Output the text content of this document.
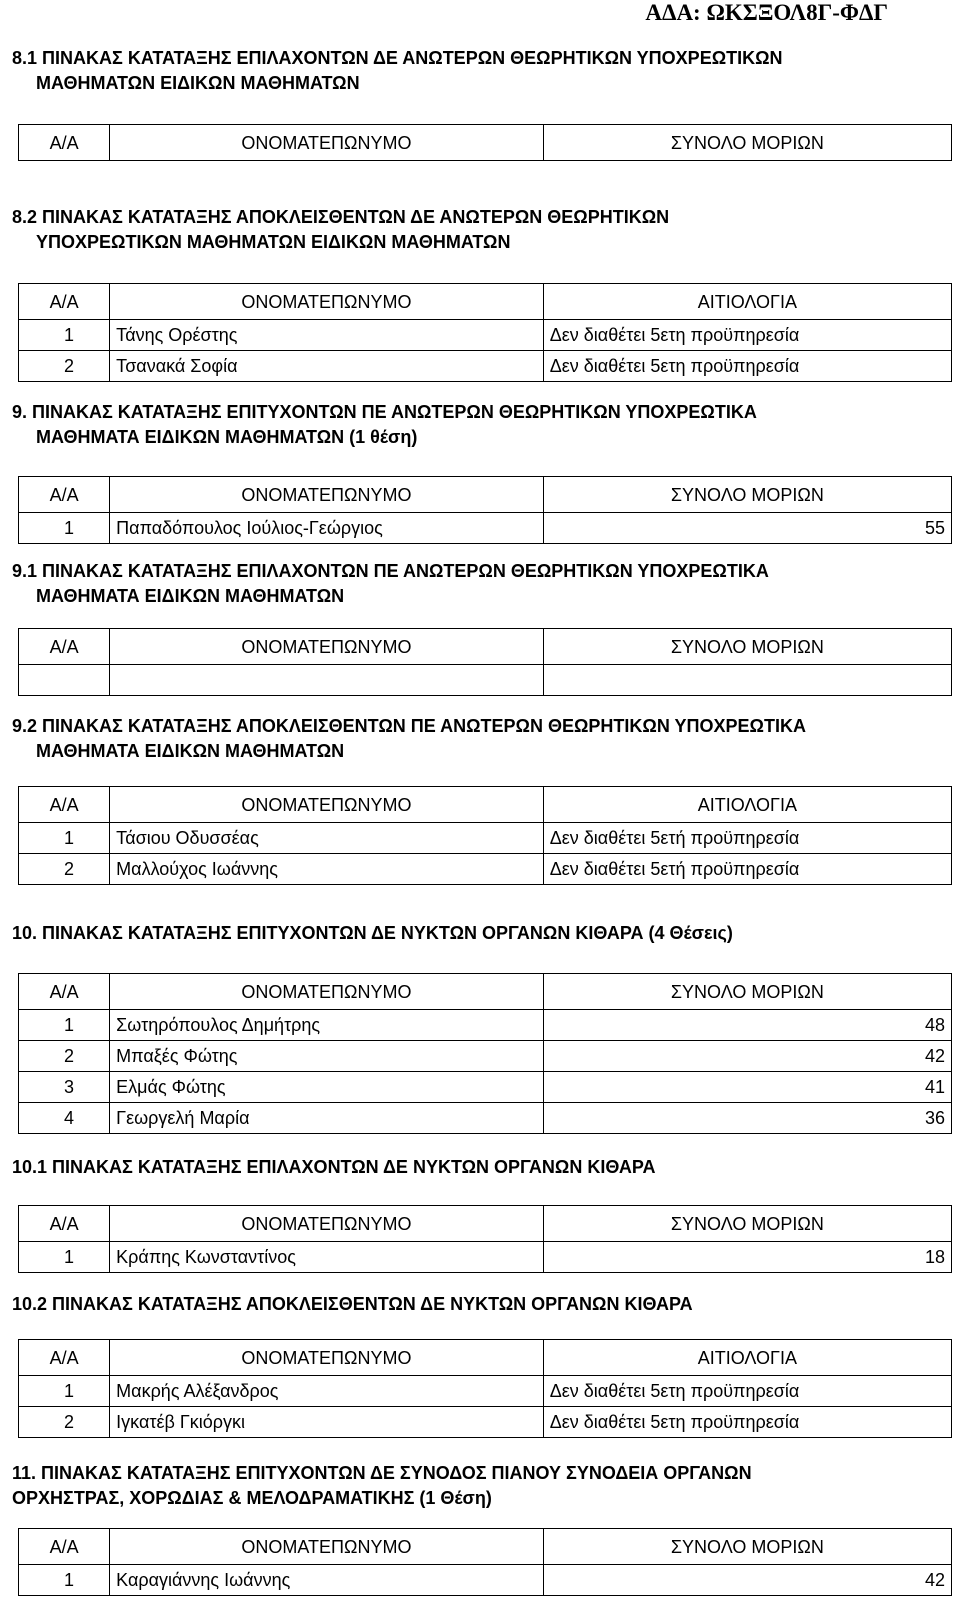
ΑΔΑ: ΩΚΣΞΟΛ8Γ-ΦΔΓ
8.1 ΠΙΝΑΚΑΣ ΚΑΤΑΤΑΞΗΣ ΕΠΙΛΑΧΟΝΤΩΝ ΔΕ ΑΝΩΤΕΡΩΝ ΘΕΩΡΗΤΙΚΩΝ ΥΠΟΧΡΕΩΤΙΚΩΝ
ΜΑΘΗΜΑΤΩΝ ΕΙΔΙΚΩΝ ΜΑΘΗΜΑΤΩΝ
Α/Α	ΟΝΟΜΑΤΕΠΩΝΥΜΟ	ΣΥΝΟΛΟ ΜΟΡΙΩΝ
8.2 ΠΙΝΑΚΑΣ ΚΑΤΑΤΑΞΗΣ ΑΠΟΚΛΕΙΣΘΕΝΤΩΝ ΔΕ ΑΝΩΤΕΡΩΝ ΘΕΩΡΗΤΙΚΩΝ
ΥΠΟΧΡΕΩΤΙΚΩΝ ΜΑΘΗΜΑΤΩΝ ΕΙΔΙΚΩΝ ΜΑΘΗΜΑΤΩΝ
Α/Α	ΟΝΟΜΑΤΕΠΩΝΥΜΟ	ΑΙΤΙΟΛΟΓΙΑ
1	Τάνης Ορέστης	Δεν διαθέτει 5ετη προϋπηρεσία
2	Τσανακά Σοφία	Δεν διαθέτει 5ετη προϋπηρεσία
9. ΠΙΝΑΚΑΣ ΚΑΤΑΤΑΞΗΣ ΕΠΙΤΥΧΟΝΤΩΝ ΠΕ ΑΝΩΤΕΡΩΝ ΘΕΩΡΗΤΙΚΩΝ ΥΠΟΧΡΕΩΤΙΚΑ
ΜΑΘΗΜΑΤΑ ΕΙΔΙΚΩΝ ΜΑΘΗΜΑΤΩΝ (1 θέση)
Α/Α	ΟΝΟΜΑΤΕΠΩΝΥΜΟ	ΣΥΝΟΛΟ ΜΟΡΙΩΝ
1	Παπαδόπουλος Ιούλιος-Γεώργιος	55
9.1 ΠΙΝΑΚΑΣ ΚΑΤΑΤΑΞΗΣ ΕΠΙΛΑΧΟΝΤΩΝ ΠΕ ΑΝΩΤΕΡΩΝ ΘΕΩΡΗΤΙΚΩΝ ΥΠΟΧΡΕΩΤΙΚΑ
ΜΑΘΗΜΑΤΑ ΕΙΔΙΚΩΝ ΜΑΘΗΜΑΤΩΝ
Α/Α	ΟΝΟΜΑΤΕΠΩΝΥΜΟ	ΣΥΝΟΛΟ ΜΟΡΙΩΝ

9.2 ΠΙΝΑΚΑΣ ΚΑΤΑΤΑΞΗΣ ΑΠΟΚΛΕΙΣΘΕΝΤΩΝ ΠΕ ΑΝΩΤΕΡΩΝ ΘΕΩΡΗΤΙΚΩΝ ΥΠΟΧΡΕΩΤΙΚΑ
ΜΑΘΗΜΑΤΑ ΕΙΔΙΚΩΝ ΜΑΘΗΜΑΤΩΝ
Α/Α	ΟΝΟΜΑΤΕΠΩΝΥΜΟ	ΑΙΤΙΟΛΟΓΙΑ
1	Τάσιου Οδυσσέας	Δεν διαθέτει 5ετή προϋπηρεσία
2	Μαλλούχος Ιωάννης	Δεν διαθέτει 5ετή προϋπηρεσία
10. ΠΙΝΑΚΑΣ ΚΑΤΑΤΑΞΗΣ ΕΠΙΤΥΧΟΝΤΩΝ ΔΕ ΝΥΚΤΩΝ ΟΡΓΑΝΩΝ ΚΙΘΑΡΑ (4 Θέσεις)
Α/Α	ΟΝΟΜΑΤΕΠΩΝΥΜΟ	ΣΥΝΟΛΟ ΜΟΡΙΩΝ
1	Σωτηρόπουλος Δημήτρης	48
2	Μπαξές Φώτης	42
3	Ελμάς Φώτης	41
4	Γεωργελή Μαρία	36
10.1 ΠΙΝΑΚΑΣ ΚΑΤΑΤΑΞΗΣ ΕΠΙΛΑΧΟΝΤΩΝ ΔΕ ΝΥΚΤΩΝ ΟΡΓΑΝΩΝ ΚΙΘΑΡΑ
Α/Α	ΟΝΟΜΑΤΕΠΩΝΥΜΟ	ΣΥΝΟΛΟ ΜΟΡΙΩΝ
1	Κράπης Κωνσταντίνος	18
10.2 ΠΙΝΑΚΑΣ ΚΑΤΑΤΑΞΗΣ ΑΠΟΚΛΕΙΣΘΕΝΤΩΝ ΔΕ ΝΥΚΤΩΝ ΟΡΓΑΝΩΝ ΚΙΘΑΡΑ
Α/Α	ΟΝΟΜΑΤΕΠΩΝΥΜΟ	ΑΙΤΙΟΛΟΓΙΑ
1	Μακρής Αλέξανδρος	Δεν διαθέτει 5ετη προϋπηρεσία
2	Ιγκατέβ Γκιόργκι	Δεν διαθέτει 5ετη προϋπηρεσία
11. ΠΙΝΑΚΑΣ ΚΑΤΑΤΑΞΗΣ ΕΠΙΤΥΧΟΝΤΩΝ ΔΕ ΣΥΝΟΔΟΣ ΠΙΑΝΟΥ ΣΥΝΟΔΕΙΑ ΟΡΓΑΝΩΝ
ΟΡΧΗΣΤΡΑΣ, ΧΟΡΩΔΙΑΣ & ΜΕΛΟΔΡΑΜΑΤΙΚΗΣ (1 Θέση)
Α/Α	ΟΝΟΜΑΤΕΠΩΝΥΜΟ	ΣΥΝΟΛΟ ΜΟΡΙΩΝ
1	Καραγιάννης Ιωάννης	42
